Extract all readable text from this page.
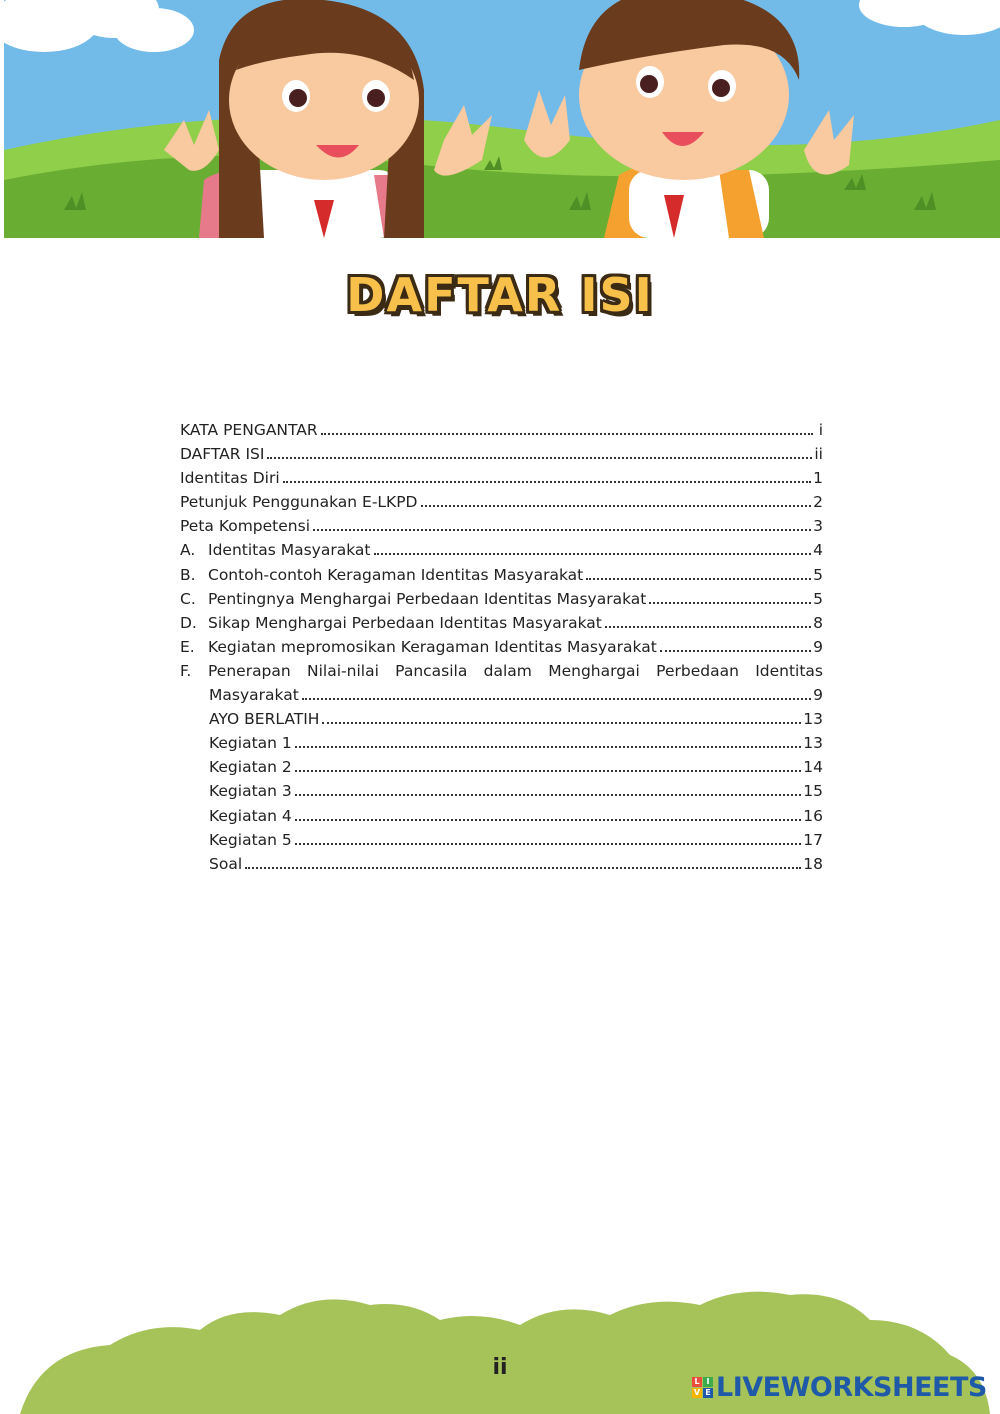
DAFTAR ISI
KATA PENGANTAR	i
DAFTAR ISI	ii
Identitas Diri	1
Petunjuk Penggunakan E-LKPD	2
Peta Kompetensi	3
A. Identitas Masyarakat	4
B. Contoh-contoh Keragaman Identitas Masyarakat	5
C. Pentingnya Menghargai Perbedaan Identitas Masyarakat	5
D. Sikap Menghargai Perbedaan Identitas Masyarakat	8
E. Kegiatan mepromosikan Keragaman Identitas Masyarakat	9
F.	Penerapan Nilai-nilai Pancasila dalam Menghargai Perbedaan Identitas
Masyarakat	9
AYO BERLATIH	13
Kegiatan 1	13
Kegiatan 2	14
Kegiatan 3	15
Kegiatan 4	16
Kegiatan 5	17
Soal	18
ii
L I
V E LIVEWORKSHEETS
